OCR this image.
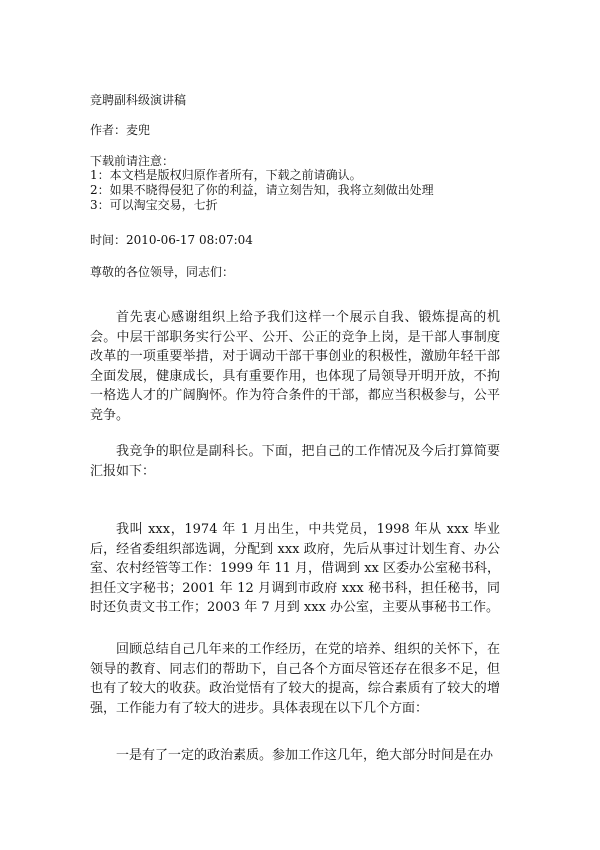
竞聘副科级演讲稿

作者：麦兜

下载前请注意：

1：本文档是版权归原作者所有，下载之前请确认。

2：如果不晓得侵犯了你的利益，请立刻告知，我将立刻做出处理

3：可以淘宝交易，七折

时间：2010-06-17 08:07:04

尊敬的各位领导，同志们：

首先衷心感谢组织上给予我们这样一个展示自我、锻炼提高的机会。中层干部职务实行公平、公开、公正的竞争上岗，是干部人事制度改革的一项重要举措，对于调动干部干事创业的积极性，激励年轻干部全面发展，健康成长，具有重要作用，也体现了局领导开明开放，不拘一格选人才的广阔胸怀。作为符合条件的干部，都应当积极参与，公平竞争。

我竞争的职位是副科长。下面，把自己的工作情况及今后打算简要汇报如下：

我叫 xxx，1974 年 1 月出生，中共党员，1998 年从 xxx 毕业后，经省委组织部选调，分配到 xxx 政府，先后从事过计划生育、办公室、农村经管等工作：1999 年 11 月，借调到 xx 区委办公室秘书科，担任文字秘书；2001 年 12 月调到市政府 xxx 秘书科，担任秘书，同时还负责文书工作；2003 年 7 月到 xxx 办公室，主要从事秘书工作。

回顾总结自己几年来的工作经历，在党的培养、组织的关怀下，在领导的教育、同志们的帮助下，自己各个方面尽管还存在很多不足，但也有了较大的收获。政治觉悟有了较大的提高，综合素质有了较大的增强，工作能力有了较大的进步。具体表现在以下几个方面：

一是有了一定的政治素质。参加工作这几年，绝大部分时间是在办
